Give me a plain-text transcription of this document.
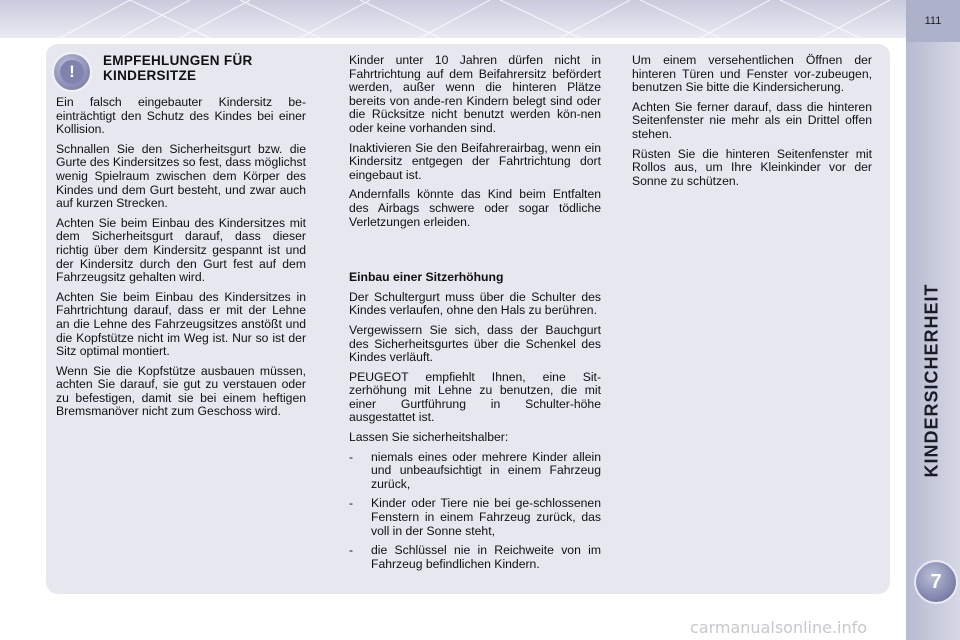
111
KINDERSICHERHEIT
7
!
EMPFEHLUNGEN FÜR KINDERSITZE

Ein falsch eingebauter Kindersitz be-einträchtigt den Schutz des Kindes bei einer Kollision.

Schnallen Sie den Sicherheitsgurt bzw. die Gurte des Kindersitzes so fest, dass möglichst wenig Spielraum zwischen dem Körper des Kindes und dem Gurt besteht, und zwar auch auf kurzen Strecken.

Achten Sie beim Einbau des Kindersitzes mit dem Sicherheitsgurt darauf, dass dieser richtig über dem Kindersitz gespannt ist und der Kindersitz durch den Gurt fest auf dem Fahrzeugsitz gehalten wird.

Achten Sie beim Einbau des Kindersitzes in Fahrtrichtung darauf, dass er mit der Lehne an die Lehne des Fahrzeugsitzes anstößt und die Kopfstütze nicht im Weg ist. Nur so ist der Sitz optimal montiert.

Wenn Sie die Kopfstütze ausbauen müssen, achten Sie darauf, sie gut zu verstauen oder zu befestigen, damit sie bei einem heftigen Bremsmanöver nicht zum Geschoss wird.

Kinder unter 10 Jahren dürfen nicht in Fahrtrichtung auf dem Beifahrersitz befördert werden, außer wenn die hinteren Plätze bereits von ande-ren Kindern belegt sind oder die Rücksitze nicht benutzt werden kön-nen oder keine vorhanden sind.

Inaktivieren Sie den Beifahrerairbag, wenn ein Kindersitz entgegen der Fahrtrichtung dort eingebaut ist.

Andernfalls könnte das Kind beim Entfalten des Airbags schwere oder sogar tödliche Verletzungen erleiden.

Einbau einer Sitzerhöhung

Der Schultergurt muss über die Schulter des Kindes verlaufen, ohne den Hals zu berühren.

Vergewissern Sie sich, dass der Bauchgurt des Sicherheitsgurtes über die Schenkel des Kindes verläuft.

PEUGEOT empfiehlt Ihnen, eine Sit-zerhöhung mit Lehne zu benutzen, die mit einer Gurtführung in Schulter-höhe ausgestattet ist.

Lassen Sie sicherheitshalber:

- niemals eines oder mehrere Kinder allein und unbeaufsichtigt in einem Fahrzeug zurück,
- Kinder oder Tiere nie bei ge-schlossenen Fenstern in einem Fahrzeug zurück, das voll in der Sonne steht,
- die Schlüssel nie in Reichweite von im Fahrzeug befindlichen Kindern.

Um einem versehentlichen Öffnen der hinteren Türen und Fenster vor-zubeugen, benutzen Sie bitte die Kindersicherung.

Achten Sie ferner darauf, dass die hinteren Seitenfenster nie mehr als ein Drittel offen stehen.

Rüsten Sie die hinteren Seitenfenster mit Rollos aus, um Ihre Kleinkinder vor der Sonne zu schützen.

carmanualsonline.info
